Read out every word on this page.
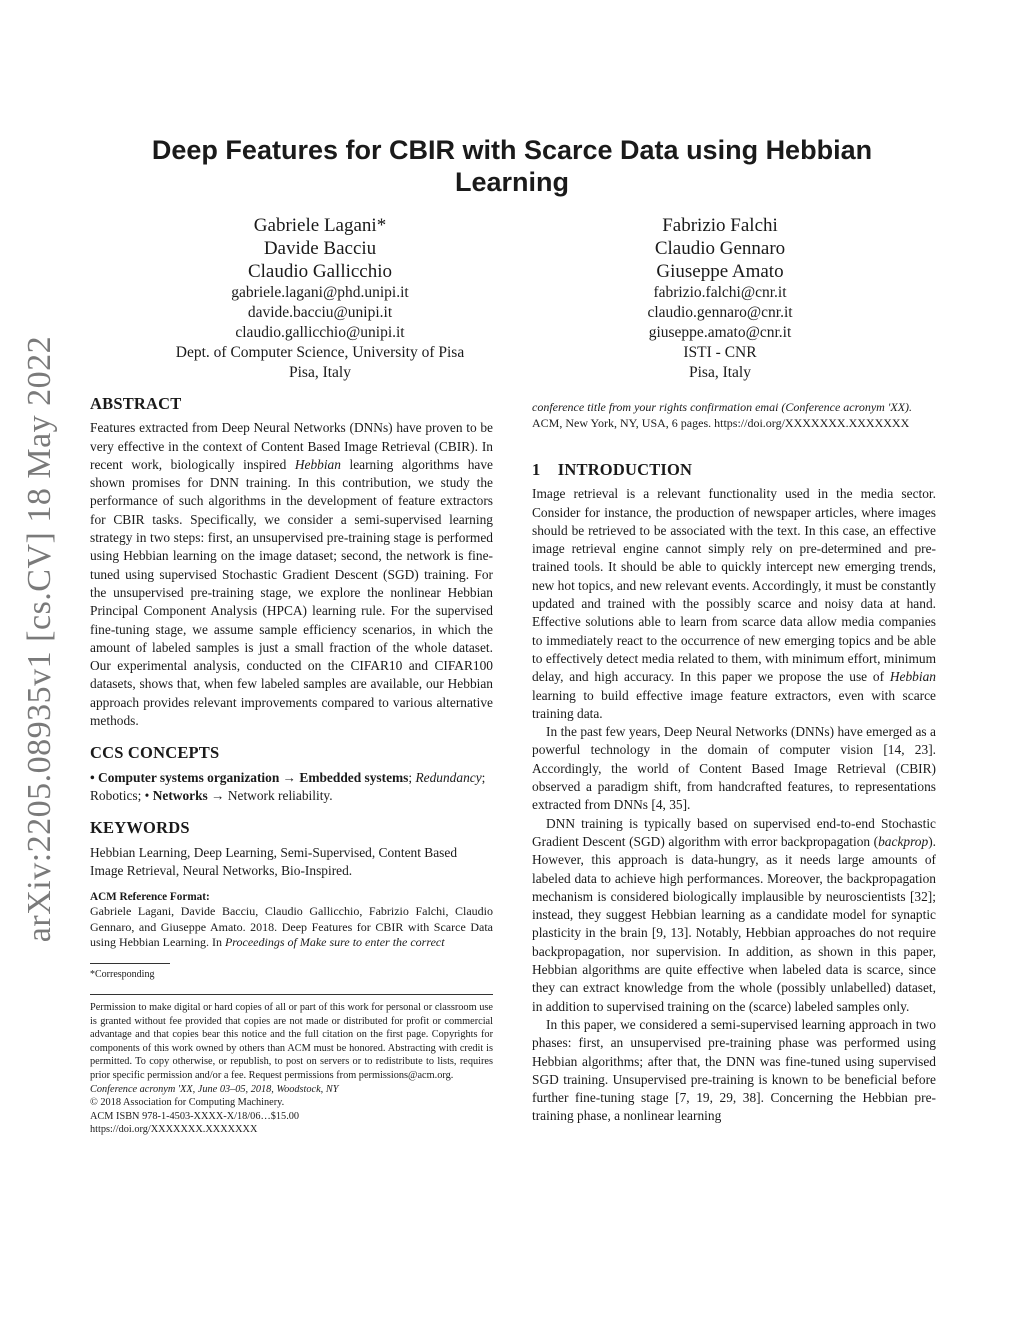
arXiv:2205.08935v1 [cs.CV] 18 May 2022
Deep Features for CBIR with Scarce Data using Hebbian Learning
Gabriele Lagani*
Davide Bacciu
Claudio Gallicchio
gabriele.lagani@phd.unipi.it
davide.bacciu@unipi.it
claudio.gallicchio@unipi.it
Dept. of Computer Science, University of Pisa
Pisa, Italy
Fabrizio Falchi
Claudio Gennaro
Giuseppe Amato
fabrizio.falchi@cnr.it
claudio.gennaro@cnr.it
giuseppe.amato@cnr.it
ISTI - CNR
Pisa, Italy
ABSTRACT

Features extracted from Deep Neural Networks (DNNs) have proven to be very effective in the context of Content Based Image Retrieval (CBIR). In recent work, biologically inspired Hebbian learning algorithms have shown promises for DNN training. In this contribution, we study the performance of such algorithms in the development of feature extractors for CBIR tasks. Specifically, we consider a semi-supervised learning strategy in two steps: first, an unsupervised pre-training stage is performed using Hebbian learning on the image dataset; second, the network is fine-tuned using supervised Stochastic Gradient Descent (SGD) training. For the unsupervised pre-training stage, we explore the nonlinear Hebbian Principal Component Analysis (HPCA) learning rule. For the supervised fine-tuning stage, we assume sample efficiency scenarios, in which the amount of labeled samples is just a small fraction of the whole dataset. Our experimental analysis, conducted on the CIFAR10 and CIFAR100 datasets, shows that, when few labeled samples are available, our Hebbian approach provides relevant improvements compared to various alternative methods.

CCS CONCEPTS

• Computer systems organization → Embedded systems; Redundancy; Robotics; • Networks → Network reliability.

KEYWORDS

Hebbian Learning, Deep Learning, Semi-Supervised, Content Based Image Retrieval, Neural Networks, Bio-Inspired.

ACM Reference Format:

Gabriele Lagani, Davide Bacciu, Claudio Gallicchio, Fabrizio Falchi, Claudio Gennaro, and Giuseppe Amato. 2018. Deep Features for CBIR with Scarce Data using Hebbian Learning. In Proceedings of Make sure to enter the correct

*Corresponding

Permission to make digital or hard copies of all or part of this work for personal or classroom use is granted without fee provided that copies are not made or distributed for profit or commercial advantage and that copies bear this notice and the full citation on the first page. Copyrights for components of this work owned by others than ACM must be honored. Abstracting with credit is permitted. To copy otherwise, or republish, to post on servers or to redistribute to lists, requires prior specific permission and/or a fee. Request permissions from permissions@acm.org.

Conference acronym 'XX, June 03–05, 2018, Woodstock, NY
© 2018 Association for Computing Machinery.
ACM ISBN 978-1-4503-XXXX-X/18/06…$15.00
https://doi.org/XXXXXXX.XXXXXXX

conference title from your rights confirmation emai (Conference acronym 'XX).
ACM, New York, NY, USA, 6 pages. https://doi.org/XXXXXXX.XXXXXXX

1    INTRODUCTION

Image retrieval is a relevant functionality used in the media sector. Consider for instance, the production of newspaper articles, where images should be retrieved to be associated with the text. In this case, an effective image retrieval engine cannot simply rely on pre-determined and pre-trained tools. It should be able to quickly intercept new emerging trends, new hot topics, and new relevant events. Accordingly, it must be constantly updated and trained with the possibly scarce and noisy data at hand. Effective solutions able to learn from scarce data allow media companies to immediately react to the occurrence of new emerging topics and be able to effectively detect media related to them, with minimum effort, minimum delay, and high accuracy. In this paper we propose the use of Hebbian learning to build effective image feature extractors, even with scarce training data.

In the past few years, Deep Neural Networks (DNNs) have emerged as a powerful technology in the domain of computer vision [14, 23]. Accordingly, the world of Content Based Image Retrieval (CBIR) observed a paradigm shift, from handcrafted features, to representations extracted from DNNs [4, 35].

DNN training is typically based on supervised end-to-end Stochastic Gradient Descent (SGD) algorithm with error backpropagation (backprop). However, this approach is data-hungry, as it needs large amounts of labeled data to achieve high performances. Moreover, the backpropagation mechanism is considered biologically implausible by neuroscientists [32]; instead, they suggest Hebbian learning as a candidate model for synaptic plasticity in the brain [9, 13]. Notably, Hebbian approaches do not require backpropagation, nor supervision. In addition, as shown in this paper, Hebbian algorithms are quite effective when labeled data is scarce, since they can extract knowledge from the whole (possibly unlabelled) dataset, in addition to supervised training on the (scarce) labeled samples only.

In this paper, we considered a semi-supervised learning approach in two phases: first, an unsupervised pre-training phase was performed using Hebbian algorithms; after that, the DNN was fine-tuned using supervised SGD training. Unsupervised pre-training is known to be beneficial before further fine-tuning stage [7, 19, 29, 38]. Concerning the Hebbian pre-training phase, a nonlinear learning
